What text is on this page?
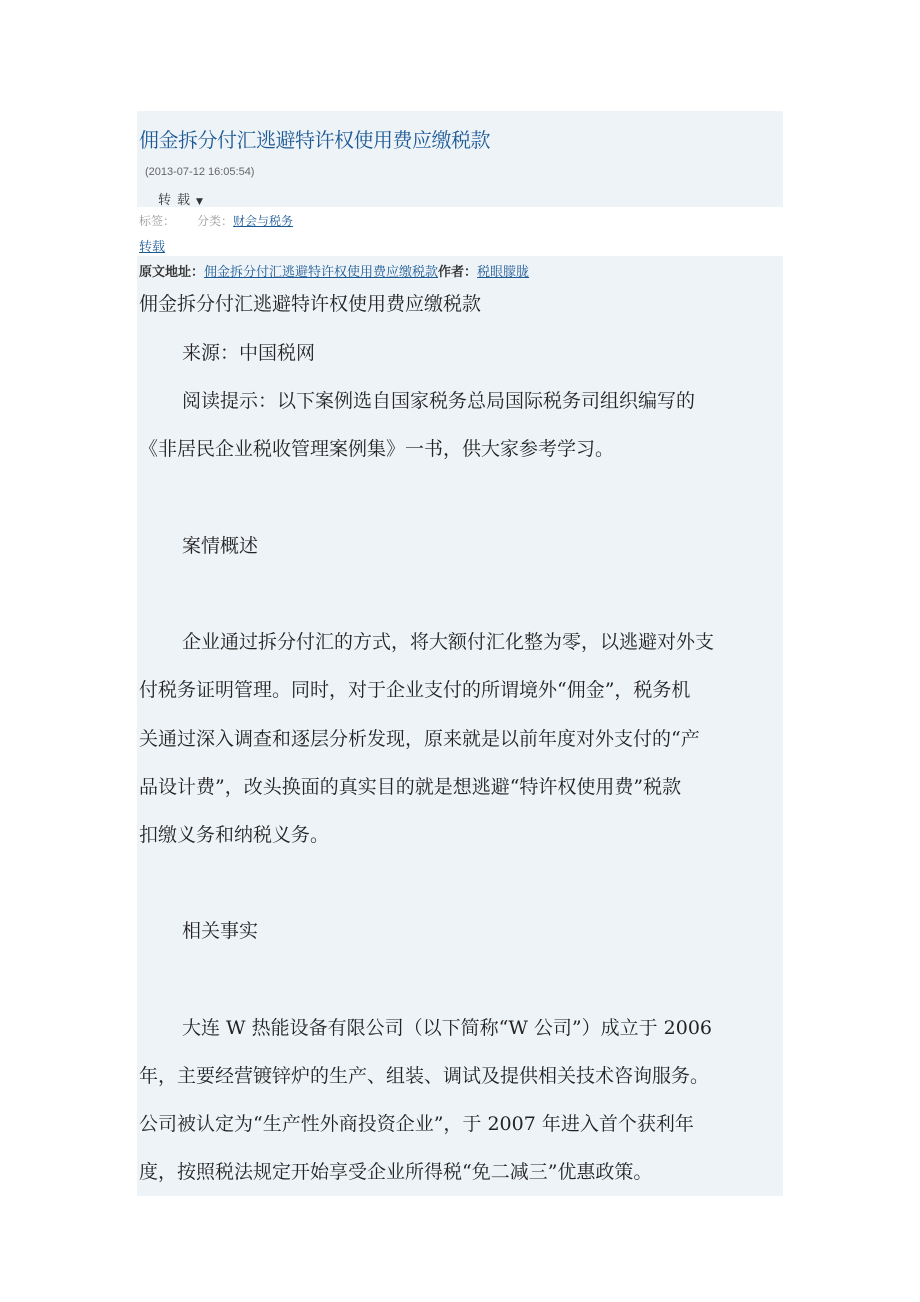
佣金拆分付汇逃避特许权使用费应缴税款
(2013-07-12 16:05:54)
转载▼
标签： 分类：财会与税务
转载
原文地址：佣金拆分付汇逃避特许权使用费应缴税款作者：税眼朦胧
佣金拆分付汇逃避特许权使用费应缴税款
来源：中国税网
阅读提示：以下案例选自国家税务总局国际税务司组织编写的
《非居民企业税收管理案例集》一书，供大家参考学习。
案情概述
企业通过拆分付汇的方式，将大额付汇化整为零，以逃避对外支
付税务证明管理。同时，对于企业支付的所谓境外“佣金”，税务机
关通过深入调查和逐层分析发现，原来就是以前年度对外支付的“产
品设计费”，改头换面的真实目的就是想逃避“特许权使用费”税款
扣缴义务和纳税义务。
相关事实
大连 W 热能设备有限公司（以下简称“W 公司”）成立于 2006
年，主要经营镀锌炉的生产、组装、调试及提供相关技术咨询服务。
公司被认定为“生产性外商投资企业”，于 2007 年进入首个获利年
度，按照税法规定开始享受企业所得税“免二减三”优惠政策。
